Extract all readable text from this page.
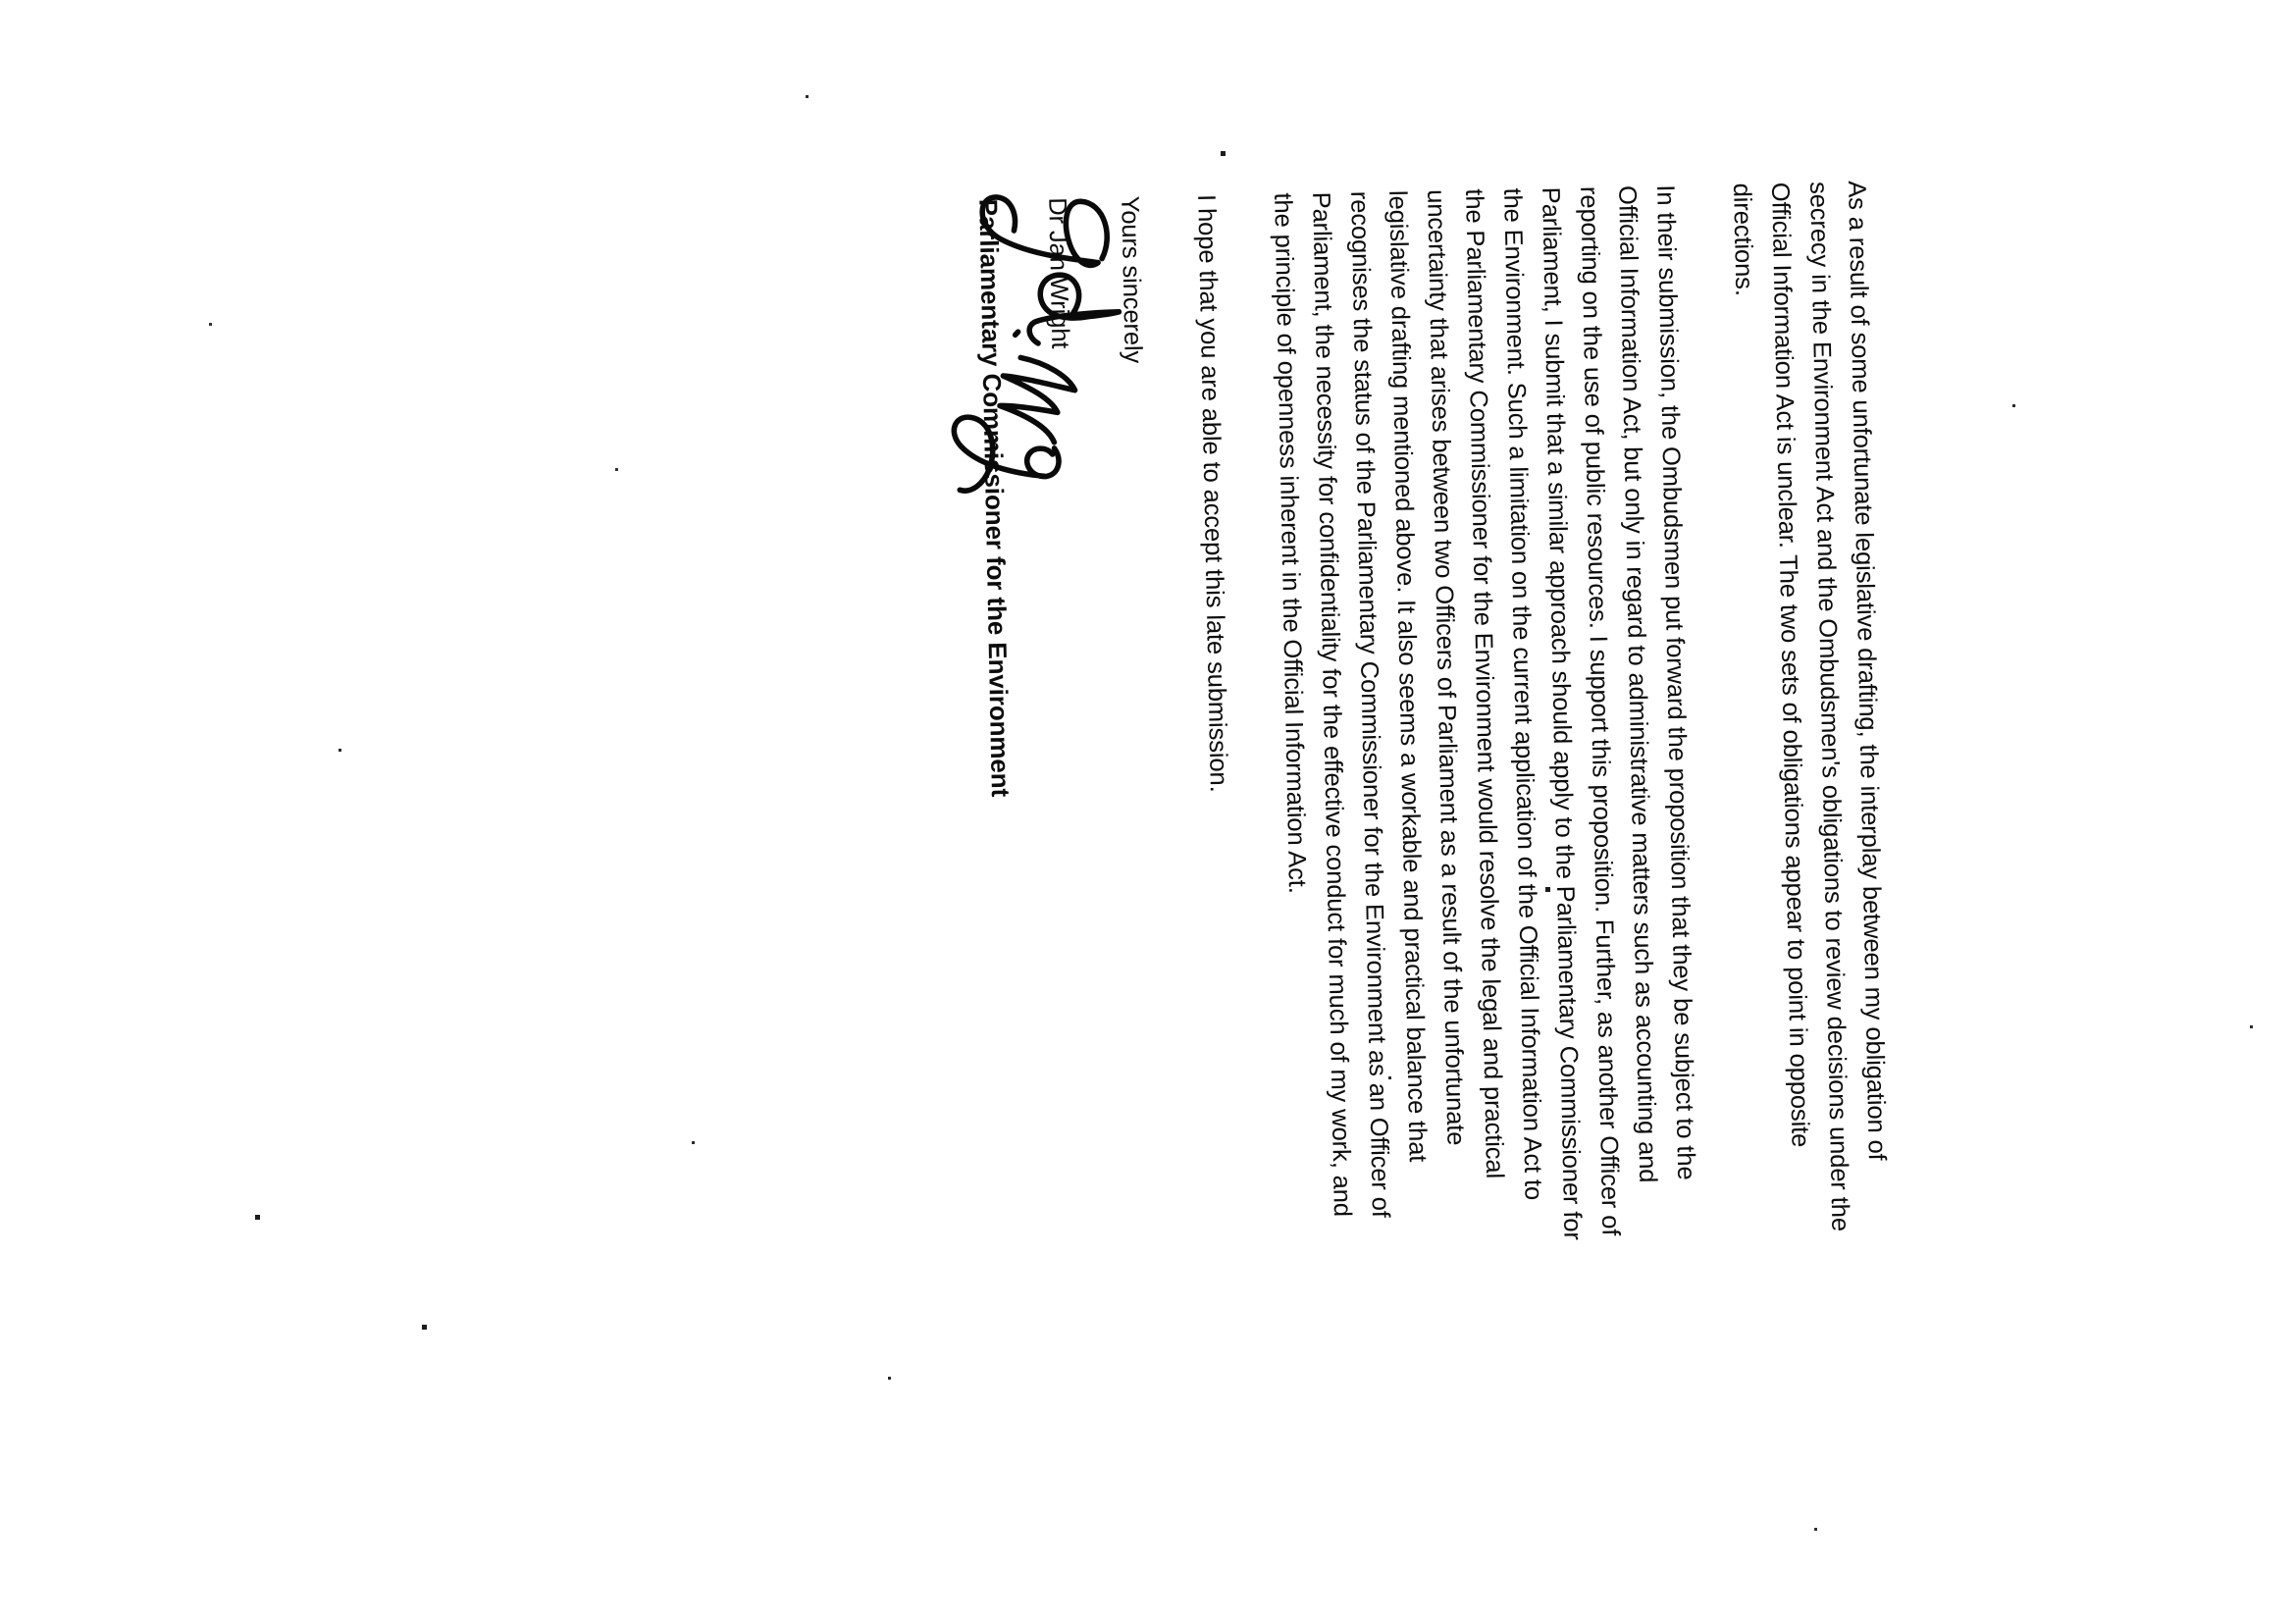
As a result of some unfortunate legislative drafting, the interplay between my obligation of
secrecy in the Environment Act and the Ombudsmen's obligations to review decisions under the
Official Information Act is unclear. The two sets of obligations appear to point in opposite
directions.

In their submission, the Ombudsmen put forward the proposition that they be subject to the
Official Information Act, but only in regard to administrative matters such as accounting and
reporting on the use of public resources. I support this proposition. Further, as another Officer of
Parliament, I submit that a similar approach should apply to the Parliamentary Commissioner for
the Environment. Such a limitation on the current application of the Official Information Act to
the Parliamentary Commissioner for the Environment would resolve the legal and practical
uncertainty that arises between two Officers of Parliament as a result of the unfortunate
legislative drafting mentioned above. It also seems a workable and practical balance that
recognises the status of the Parliamentary Commissioner for the Environment as an Officer of
Parliament, the necessity for confidentiality for the effective conduct for much of my work, and
the principle of openness inherent in the Official Information Act.

I hope that you are able to accept this late submission.

Yours sincerely

Dr Jan Wright

Parliamentary Commissioner for the Environment
